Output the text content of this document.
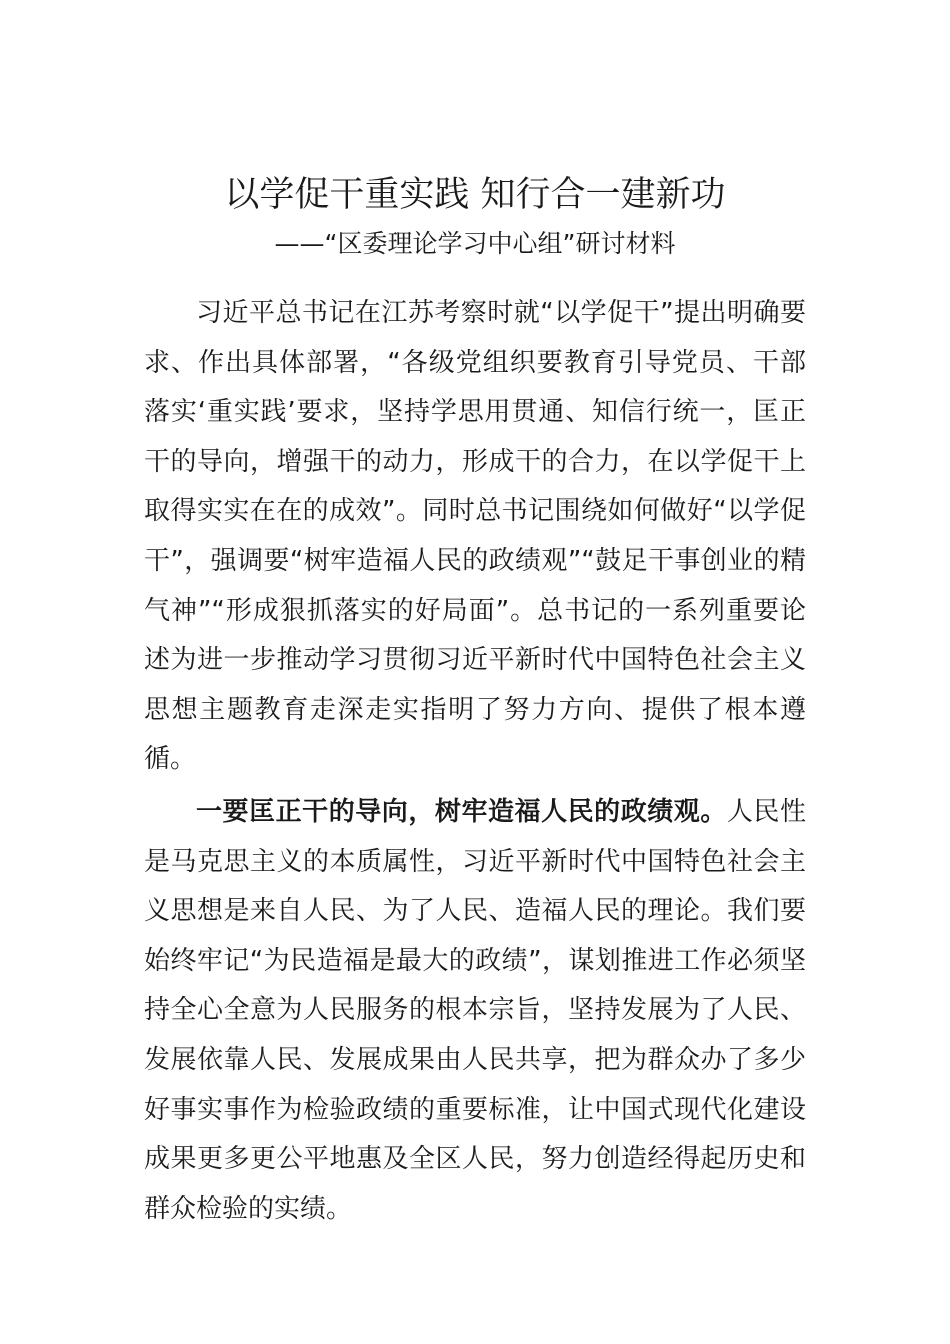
以学促干重实践 知行合一建新功

——“区委理论学习中心组”研讨材料

习近平总书记在江苏考察时就“以学促干”提出明确要求、作出具体部署，“各级党组织要教育引导党员、干部落实‘重实践’要求，坚持学思用贯通、知信行统一，匡正干的导向，增强干的动力，形成干的合力，在以学促干上取得实实在在的成效”。同时总书记围绕如何做好“以学促干”，强调要“树牢造福人民的政绩观”“鼓足干事创业的精气神”“形成狠抓落实的好局面”。总书记的一系列重要论述为进一步推动学习贯彻习近平新时代中国特色社会主义思想主题教育走深走实指明了努力方向、提供了根本遵循。

一要匡正干的导向，树牢造福人民的政绩观。人民性是马克思主义的本质属性，习近平新时代中国特色社会主义思想是来自人民、为了人民、造福人民的理论。我们要始终牢记“为民造福是最大的政绩”，谋划推进工作必须坚持全心全意为人民服务的根本宗旨，坚持发展为了人民、发展依靠人民、发展成果由人民共享，把为群众办了多少好事实事作为检验政绩的重要标准，让中国式现代化建设成果更多更公平地惠及全区人民，努力创造经得起历史和群众检验的实绩。
